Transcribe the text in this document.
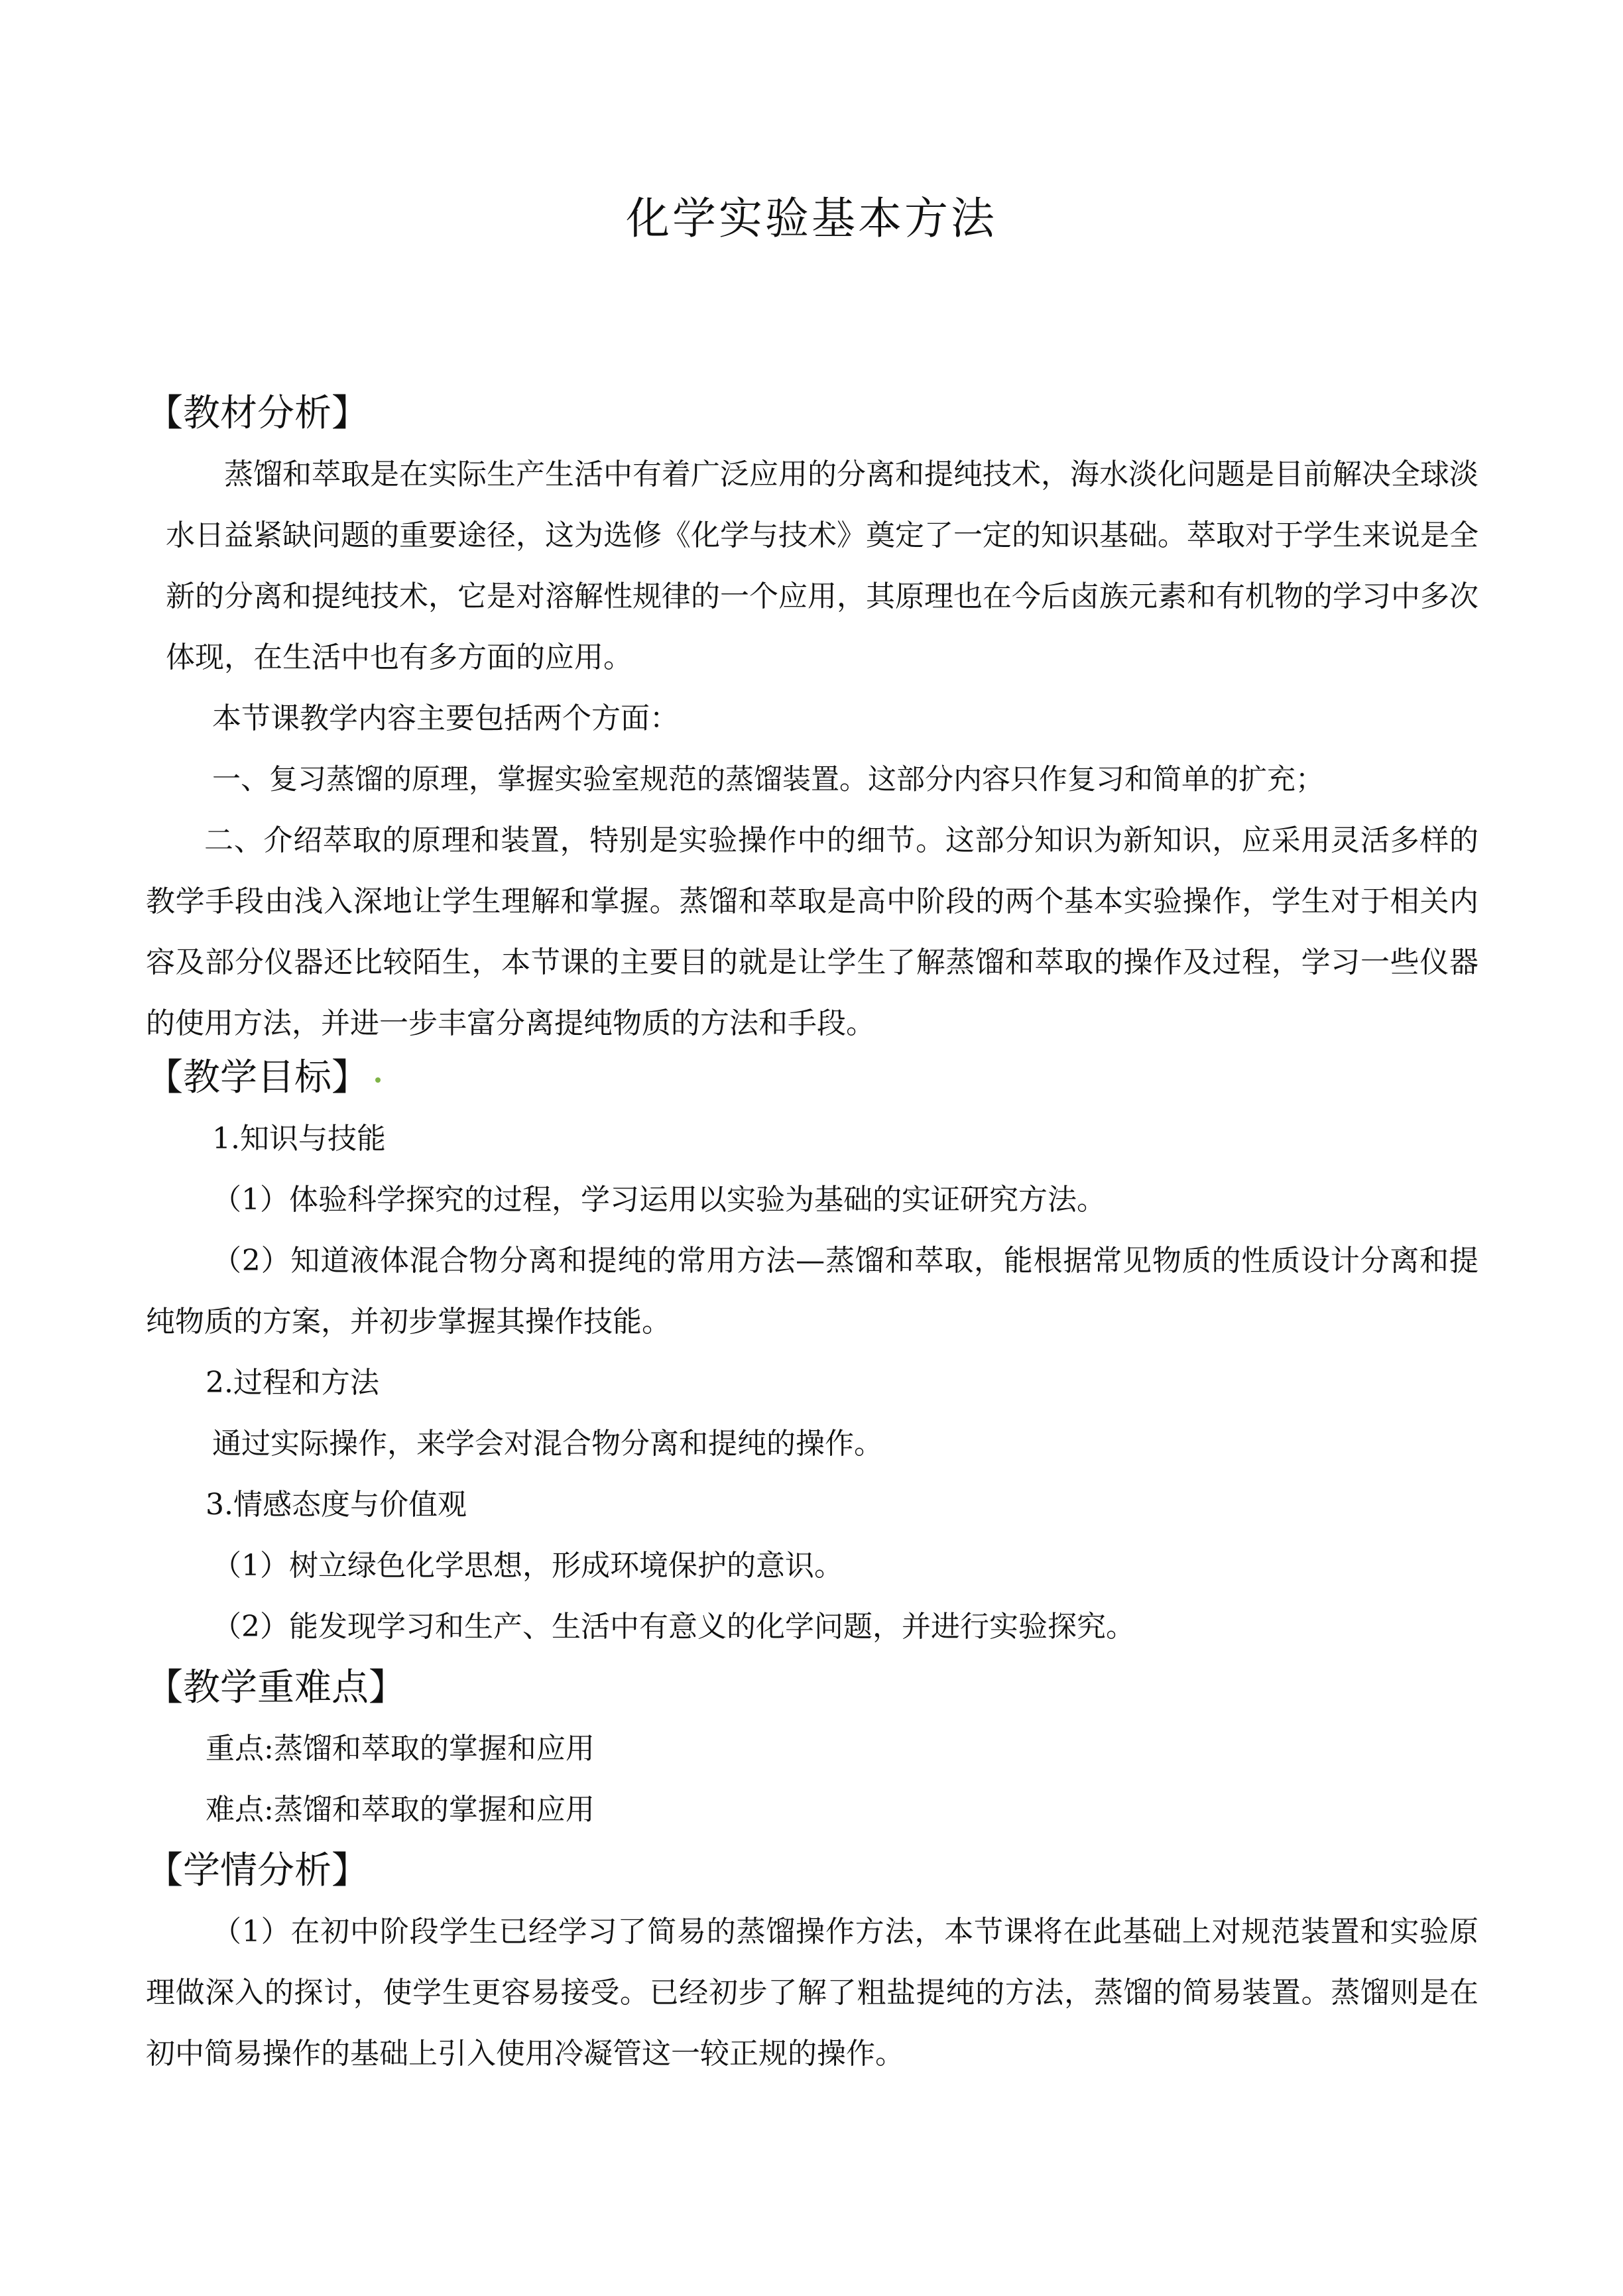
化学实验基本方法
【教材分析】

蒸馏和萃取是在实际生产生活中有着广泛应用的分离和提纯技术，海水淡化问题是目前解决全球淡水日益紧缺问题的重要途径，这为选修《化学与技术》奠定了一定的知识基础。萃取对于学生来说是全新的分离和提纯技术，它是对溶解性规律的一个应用，其原理也在今后卤族元素和有机物的学习中多次体现，在生活中也有多方面的应用。

本节课教学内容主要包括两个方面：

一、复习蒸馏的原理，掌握实验室规范的蒸馏装置。这部分内容只作复习和简单的扩充；

二、介绍萃取的原理和装置，特别是实验操作中的细节。这部分知识为新知识，应采用灵活多样的教学手段由浅入深地让学生理解和掌握。蒸馏和萃取是高中阶段的两个基本实验操作，学生对于相关内容及部分仪器还比较陌生，本节课的主要目的就是让学生了解蒸馏和萃取的操作及过程，学习一些仪器的使用方法，并进一步丰富分离提纯物质的方法和手段。

【教学目标】

1.知识与技能

（1）体验科学探究的过程，学习运用以实验为基础的实证研究方法。

（2）知道液体混合物分离和提纯的常用方法—蒸馏和萃取，能根据常见物质的性质设计分离和提纯物质的方案，并初步掌握其操作技能。

2.过程和方法

通过实际操作，来学会对混合物分离和提纯的操作。

3.情感态度与价值观

（1）树立绿色化学思想，形成环境保护的意识。

（2）能发现学习和生产、生活中有意义的化学问题，并进行实验探究。

【教学重难点】

重点:蒸馏和萃取的掌握和应用

难点:蒸馏和萃取的掌握和应用

【学情分析】

（1）在初中阶段学生已经学习了简易的蒸馏操作方法，本节课将在此基础上对规范装置和实验原理做深入的探讨，使学生更容易接受。已经初步了解了粗盐提纯的方法，蒸馏的简易装置。蒸馏则是在初中简易操作的基础上引入使用冷凝管这一较正规的操作。
